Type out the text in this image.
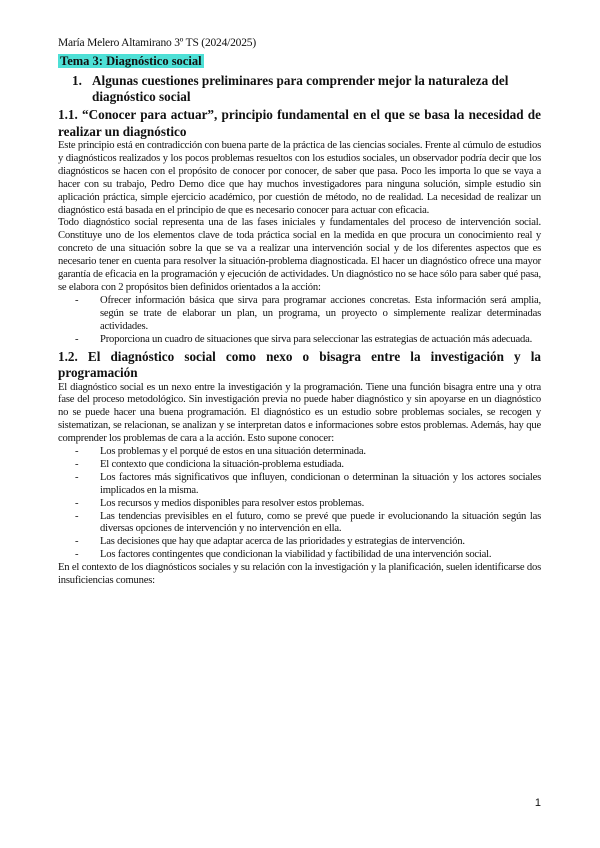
María Melero Altamirano 3º TS (2024/2025)
Tema 3: Diagnóstico social
1. Algunas cuestiones preliminares para comprender mejor la naturaleza del diagnóstico social
1.1. “Conocer para actuar”, principio fundamental en el que se basa la necesidad de realizar un diagnóstico
Este principio está en contradicción con buena parte de la práctica de las ciencias sociales. Frente al cúmulo de estudios y diagnósticos realizados y los pocos problemas resueltos con los estudios sociales, un observador podría decir que los diagnósticos se hacen con el propósito de conocer por conocer, de saber que pasa. Poco les importa lo que se vaya a hacer con su trabajo, Pedro Demo dice que hay muchos investigadores para ninguna solución, simple estudio sin aplicación práctica, simple ejercicio académico, por cuestión de método, no de realidad. La necesidad de realizar un diagnóstico está basada en el principio de que es necesario conocer para actuar con eficacia.
Todo diagnóstico social representa una de las fases iniciales y fundamentales del proceso de intervención social. Constituye uno de los elementos clave de toda práctica social en la medida en que procura un conocimiento real y concreto de una situación sobre la que se va a realizar una intervención social y de los diferentes aspectos que es necesario tener en cuenta para resolver la situación-problema diagnosticada. El hacer un diagnóstico ofrece una mayor garantía de eficacia en la programación y ejecución de actividades. Un diagnóstico no se hace sólo para saber qué pasa, se elabora con 2 propósitos bien definidos orientados a la acción:
-	Ofrecer información básica que sirva para programar acciones concretas. Esta información será amplia, según se trate de elaborar un plan, un programa, un proyecto o simplemente realizar determinadas actividades.
-	Proporciona un cuadro de situaciones que sirva para seleccionar las estrategias de actuación más adecuada.
1.2. El diagnóstico social como nexo o bisagra entre la investigación y la programación
El diagnóstico social es un nexo entre la investigación y la programación. Tiene una función bisagra entre una y otra fase del proceso metodológico. Sin investigación previa no puede haber diagnóstico y sin apoyarse en un diagnóstico no se puede hacer una buena programación. El diagnóstico es un estudio sobre problemas sociales, se recogen y sistematizan, se relacionan, se analizan y se interpretan datos e informaciones sobre estos problemas. Además, hay que comprender los problemas de cara a la acción. Esto supone conocer:
-	Los problemas y el porqué de estos en una situación determinada.
-	El contexto que condiciona la situación-problema estudiada.
-	Los factores más significativos que influyen, condicionan o determinan la situación y los actores sociales implicados en la misma.
-	Los recursos y medios disponibles para resolver estos problemas.
-	Las tendencias previsibles en el futuro, como se prevé que puede ir evolucionando la situación según las diversas opciones de intervención y no intervención en ella.
-	Las decisiones que hay que adaptar acerca de las prioridades y estrategias de intervención.
-	Los factores contingentes que condicionan la viabilidad y factibilidad de una intervención social.
En el contexto de los diagnósticos sociales y su relación con la investigación y la planificación, suelen identificarse dos insuficiencias comunes:
1
